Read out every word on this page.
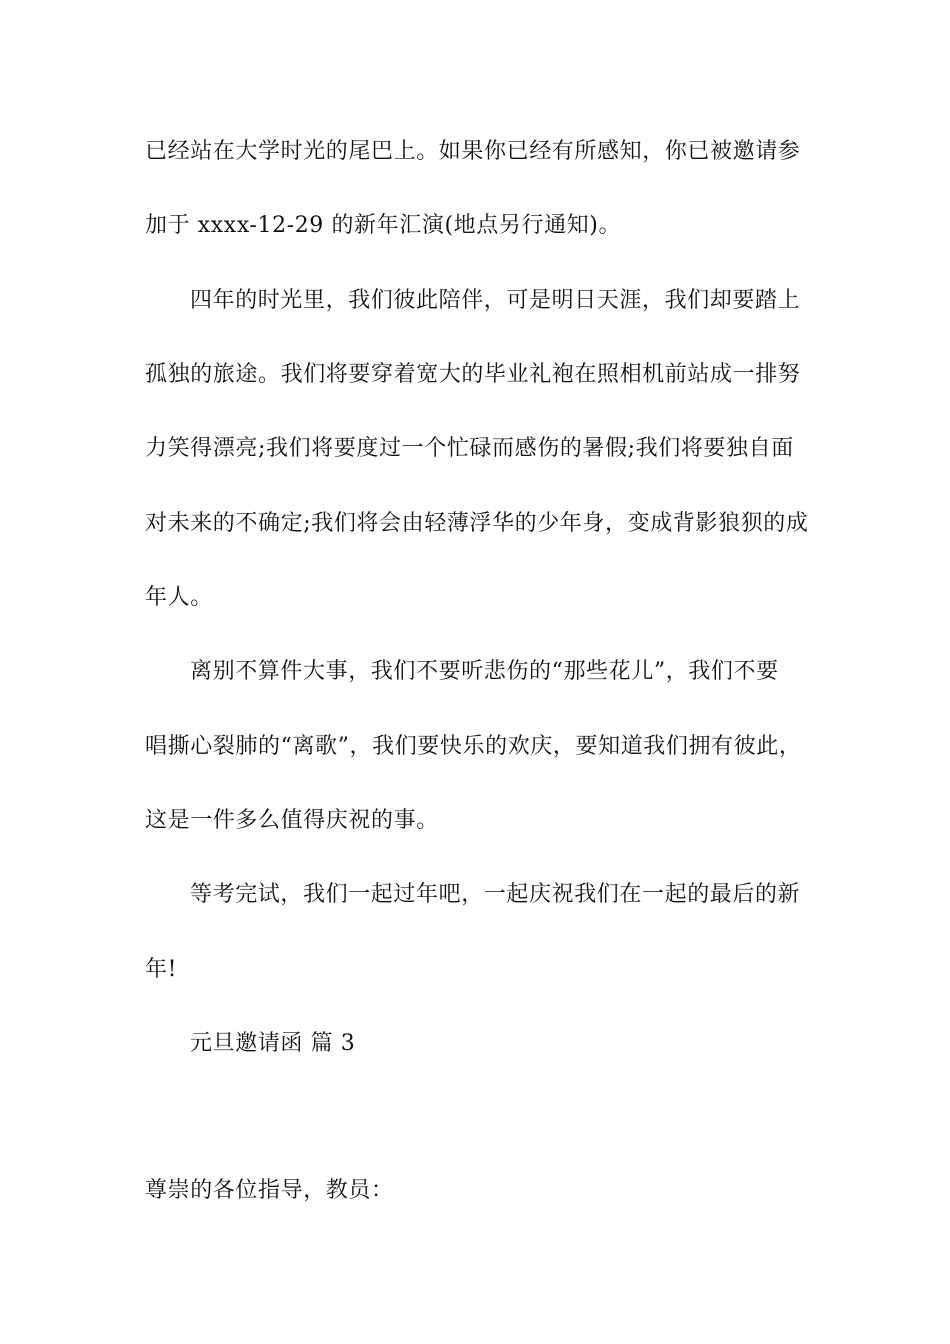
已经站在大学时光的尾巴上。如果你已经有所感知，你已被邀请参

加于 xxxx-12-29 的新年汇演(地点另行通知)。

四年的时光里，我们彼此陪伴，可是明日天涯，我们却要踏上

孤独的旅途。我们将要穿着宽大的毕业礼袍在照相机前站成一排努

力笑得漂亮;我们将要度过一个忙碌而感伤的暑假;我们将要独自面

对未来的不确定;我们将会由轻薄浮华的少年身，变成背影狼狈的成

年人。

离别不算件大事，我们不要听悲伤的“那些花儿”，我们不要

唱撕心裂肺的“离歌”，我们要快乐的欢庆，要知道我们拥有彼此，

这是一件多么值得庆祝的事。

等考完试，我们一起过年吧，一起庆祝我们在一起的最后的新

年!

元旦邀请函 篇 3

尊崇的各位指导，教员：
